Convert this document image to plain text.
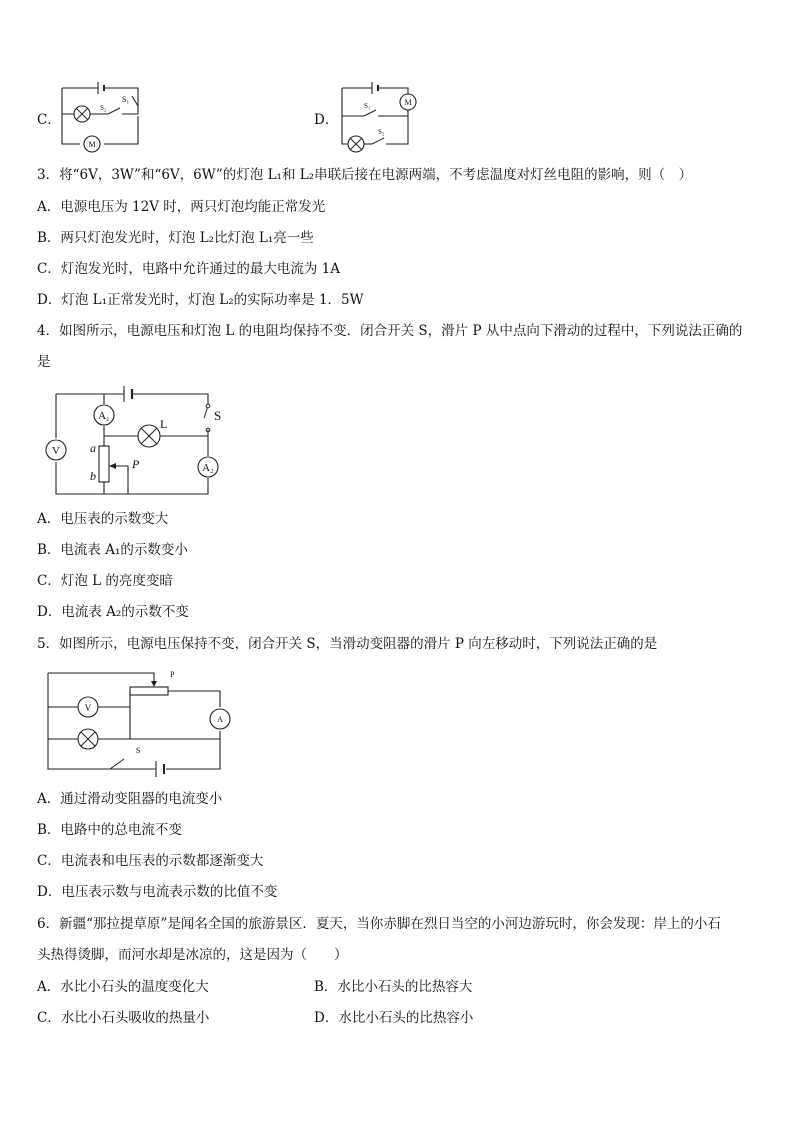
C．
M
S₁
S₂
D．
M
S₁
S₂
3．将“6V，3W”和“6V，6W”的灯泡 L₁和 L₂串联后接在电源两端，不考虑温度对灯丝电阻的影响，则（　）
A．电源电压为 12V 时，两只灯泡均能正常发光
B．两只灯泡发光时，灯泡 L₂比灯泡 L₁亮一些
C．灯泡发光时，电路中允许通过的最大电流为 1A
D．灯泡 L₁正常发光时，灯泡 L₂的实际功率是 1．5W
4．如图所示，电源电压和灯泡 L 的电阻均保持不变．闭合开关 S，滑片 P 从中点向下滑动的过程中，下列说法正确的
是
S
V
A₁
L
A₂
a
b
P
A．电压表的示数变大
B．电流表 A₁的示数变小
C．灯泡 L 的亮度变暗
D．电流表 A₂的示数不变
5．如图所示，电源电压保持不变，闭合开关 S，当滑动变阻器的滑片 P 向左移动时，下列说法正确的是
P
A
V
S
A．通过滑动变阻器的电流变小
B．电路中的总电流不变
C．电流表和电压表的示数都逐渐变大
D．电压表示数与电流表示数的比值不变
6．新疆“那拉提草原”是闻名全国的旅游景区．夏天，当你赤脚在烈日当空的小河边游玩时，你会发现：岸上的小石
头热得烫脚，而河水却是冰凉的，这是因为（　　）
A．水比小石头的温度变化大	B．水比小石头的比热容大
C．水比小石头吸收的热量小	D．水比小石头的比热容小
